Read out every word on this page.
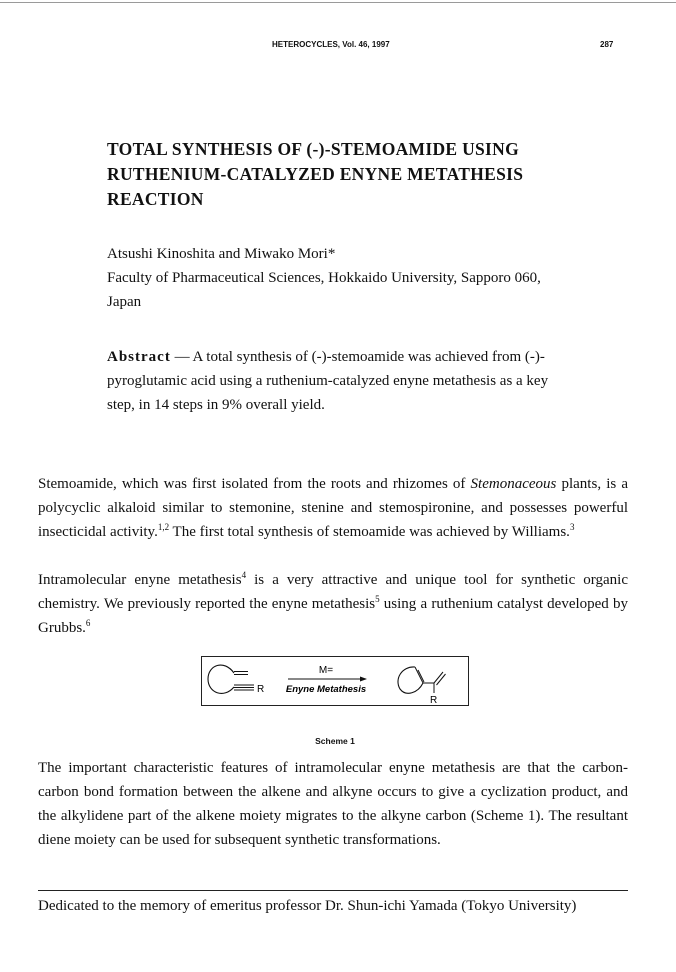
HETEROCYCLES, Vol. 46, 1997	287
TOTAL SYNTHESIS OF (-)-STEMOAMIDE USING
RUTHENIUM-CATALYZED ENYNE METATHESIS
REACTION
Atsushi Kinoshita and Miwako Mori*
Faculty of Pharmaceutical Sciences, Hokkaido University, Sapporo 060, Japan
Abstract — A total synthesis of (-)-stemoamide was achieved from (-)-pyroglutamic acid using a ruthenium-catalyzed enyne metathesis as a key step, in 14 steps in 9% overall yield.
Stemoamide, which was first isolated from the roots and rhizomes of Stemonaceous plants, is a polycyclic alkaloid similar to stemonine, stenine and stemospironine, and possesses powerful insecticidal activity.$^{1,2}$ The first total synthesis of stemoamide was achieved by Williams.$^3$
Intramolecular enyne metathesis$^4$ is a very attractive and unique tool for synthetic organic chemistry. We previously reported the enyne metathesis$^5$ using a ruthenium catalyst developed by Grubbs.$^6$
R
M=
Enyne Metathesis
R
Scheme 1
The important characteristic features of intramolecular enyne metathesis are that the carbon-carbon bond formation between the alkene and alkyne occurs to give a cyclization product, and the alkylidene part of the alkene moiety migrates to the alkyne carbon (Scheme 1). The resultant diene moiety can be used for subsequent synthetic transformations.
Dedicated to the memory of emeritus professor Dr. Shun-ichi Yamada (Tokyo University)
